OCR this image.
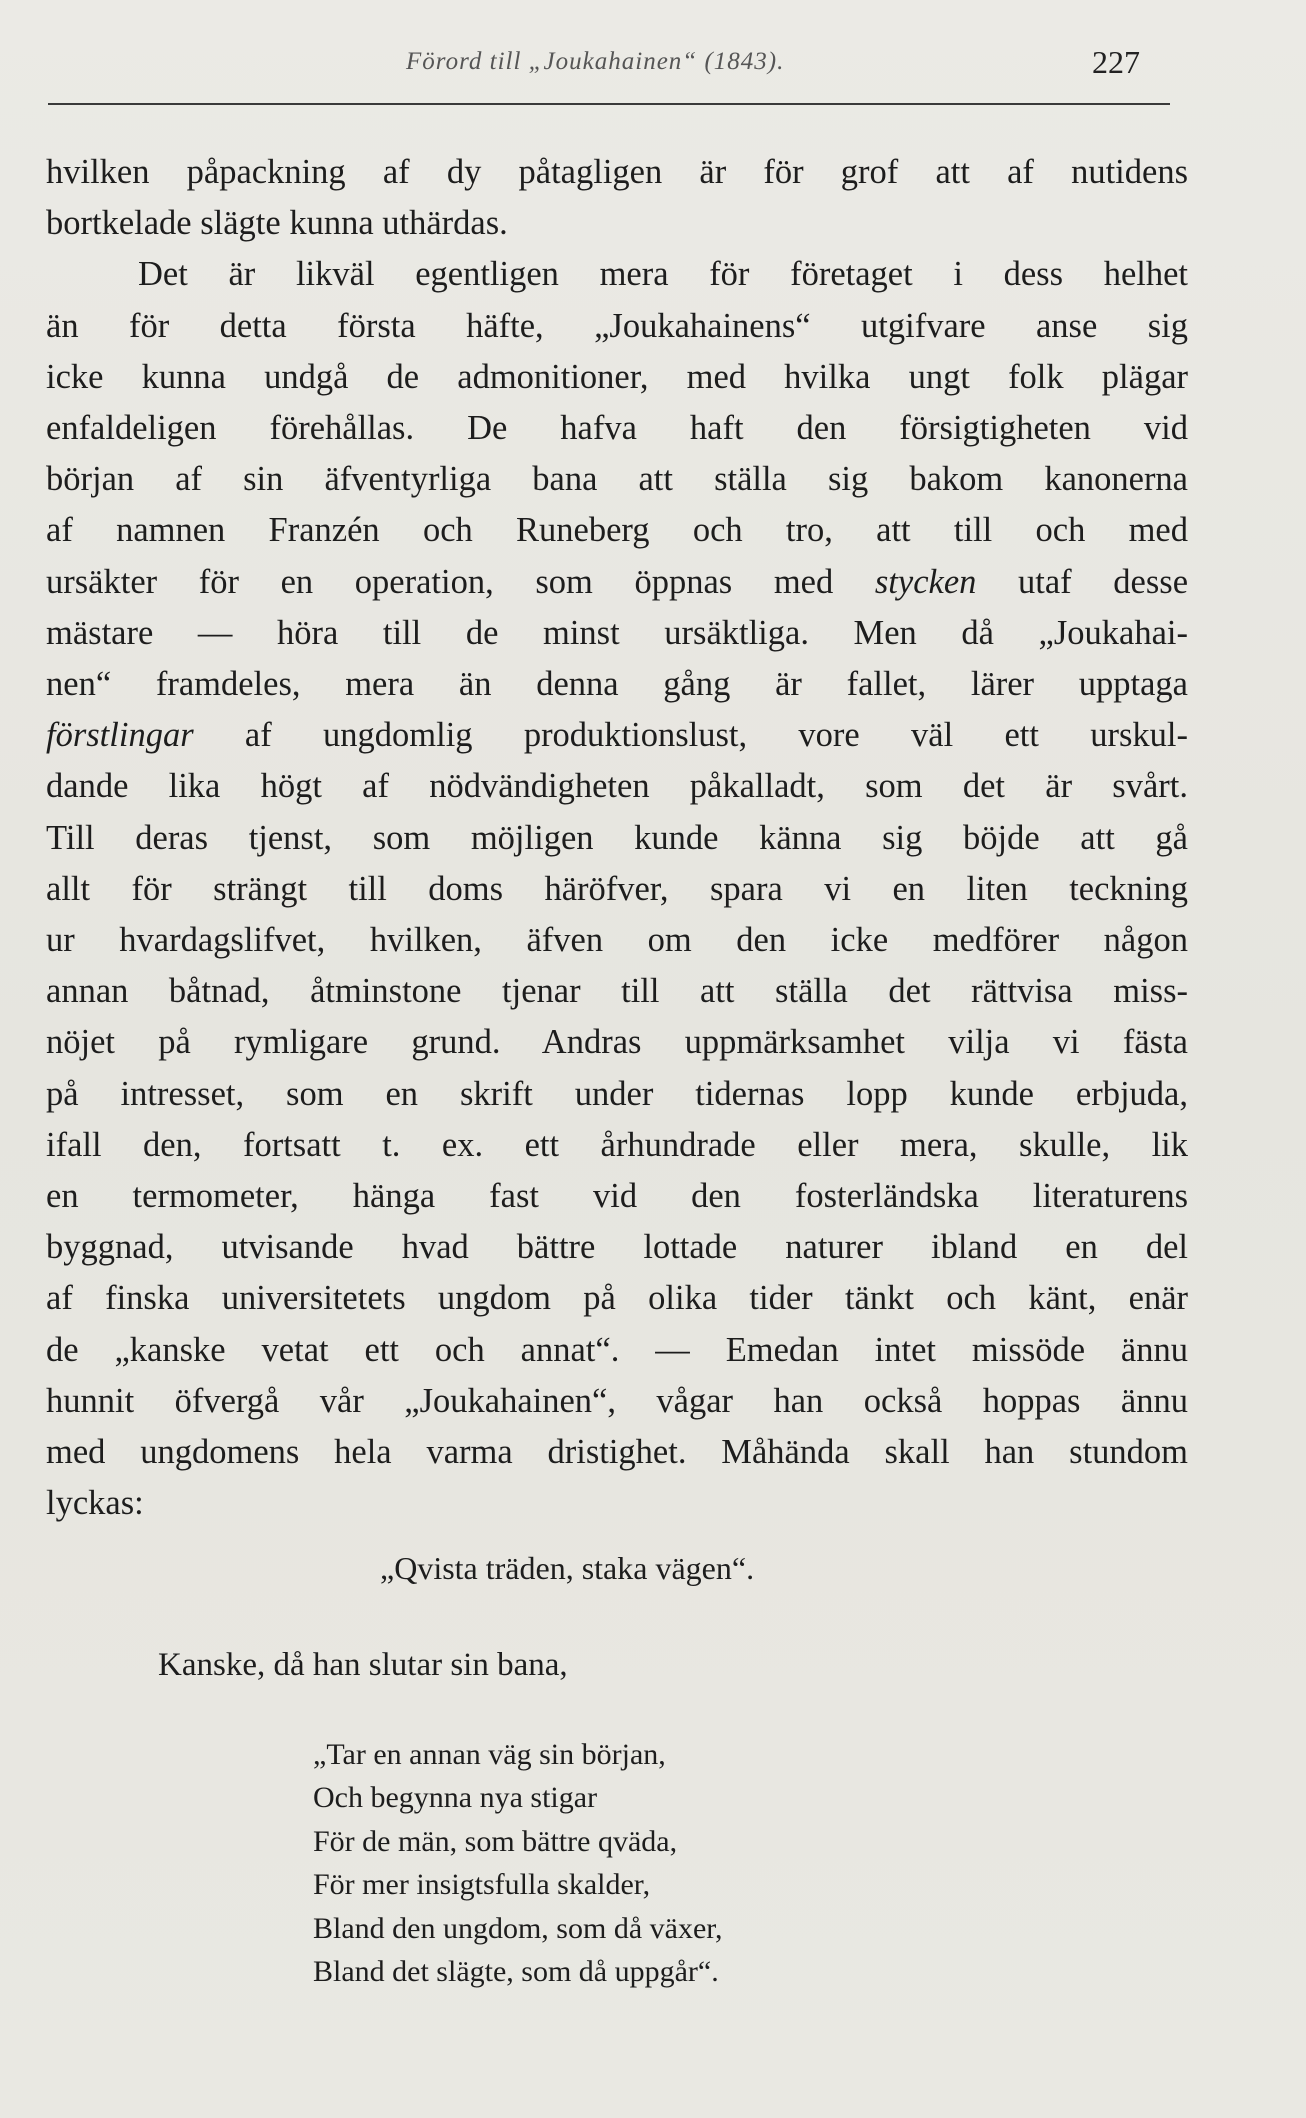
Förord till „Joukahainen“ (1843).	227
hvilken påpackning af dy påtagligen är för grof att af nutidens
bortkelade slägte kunna uthärdas.
Det är likväl egentligen mera för företaget i dess helhet
än för detta första häfte, „Joukahainens“ utgifvare anse sig
icke kunna undgå de admonitioner, med hvilka ungt folk plägar
enfaldeligen förehållas. De hafva haft den försigtigheten vid
början af sin äfventyrliga bana att ställa sig bakom kanonerna
af namnen Franzén och Runeberg och tro, att till och med
ursäkter för en operation, som öppnas med stycken utaf desse
mästare — höra till de minst ursäktliga. Men då „Joukahai-
nen“ framdeles, mera än denna gång är fallet, lärer upptaga
förstlingar af ungdomlig produktionslust, vore väl ett urskul-
dande lika högt af nödvändigheten påkalladt, som det är svårt.
Till deras tjenst, som möjligen kunde känna sig böjde att gå
allt för strängt till doms häröfver, spara vi en liten teckning
ur hvardagslifvet, hvilken, äfven om den icke medförer någon
annan båtnad, åtminstone tjenar till att ställa det rättvisa miss-
nöjet på rymligare grund. Andras uppmärksamhet vilja vi fästa
på intresset, som en skrift under tidernas lopp kunde erbjuda,
ifall den, fortsatt t. ex. ett århundrade eller mera, skulle, lik
en termometer, hänga fast vid den fosterländska literaturens
byggnad, utvisande hvad bättre lottade naturer ibland en del
af finska universitetets ungdom på olika tider tänkt och känt, enär
de „kanske vetat ett och annat“. — Emedan intet missöde ännu
hunnit öfvergå vår „Joukahainen“, vågar han också hoppas ännu
med ungdomens hela varma dristighet. Måhända skall han stundom
lyckas:
„Qvista träden, staka vägen“.
Kanske, då han slutar sin bana,
„Tar en annan väg sin början,
Och begynna nya stigar
För de män, som bättre qväda,
För mer insigtsfulla skalder,
Bland den ungdom, som då växer,
Bland det slägte, som då uppgår“.
